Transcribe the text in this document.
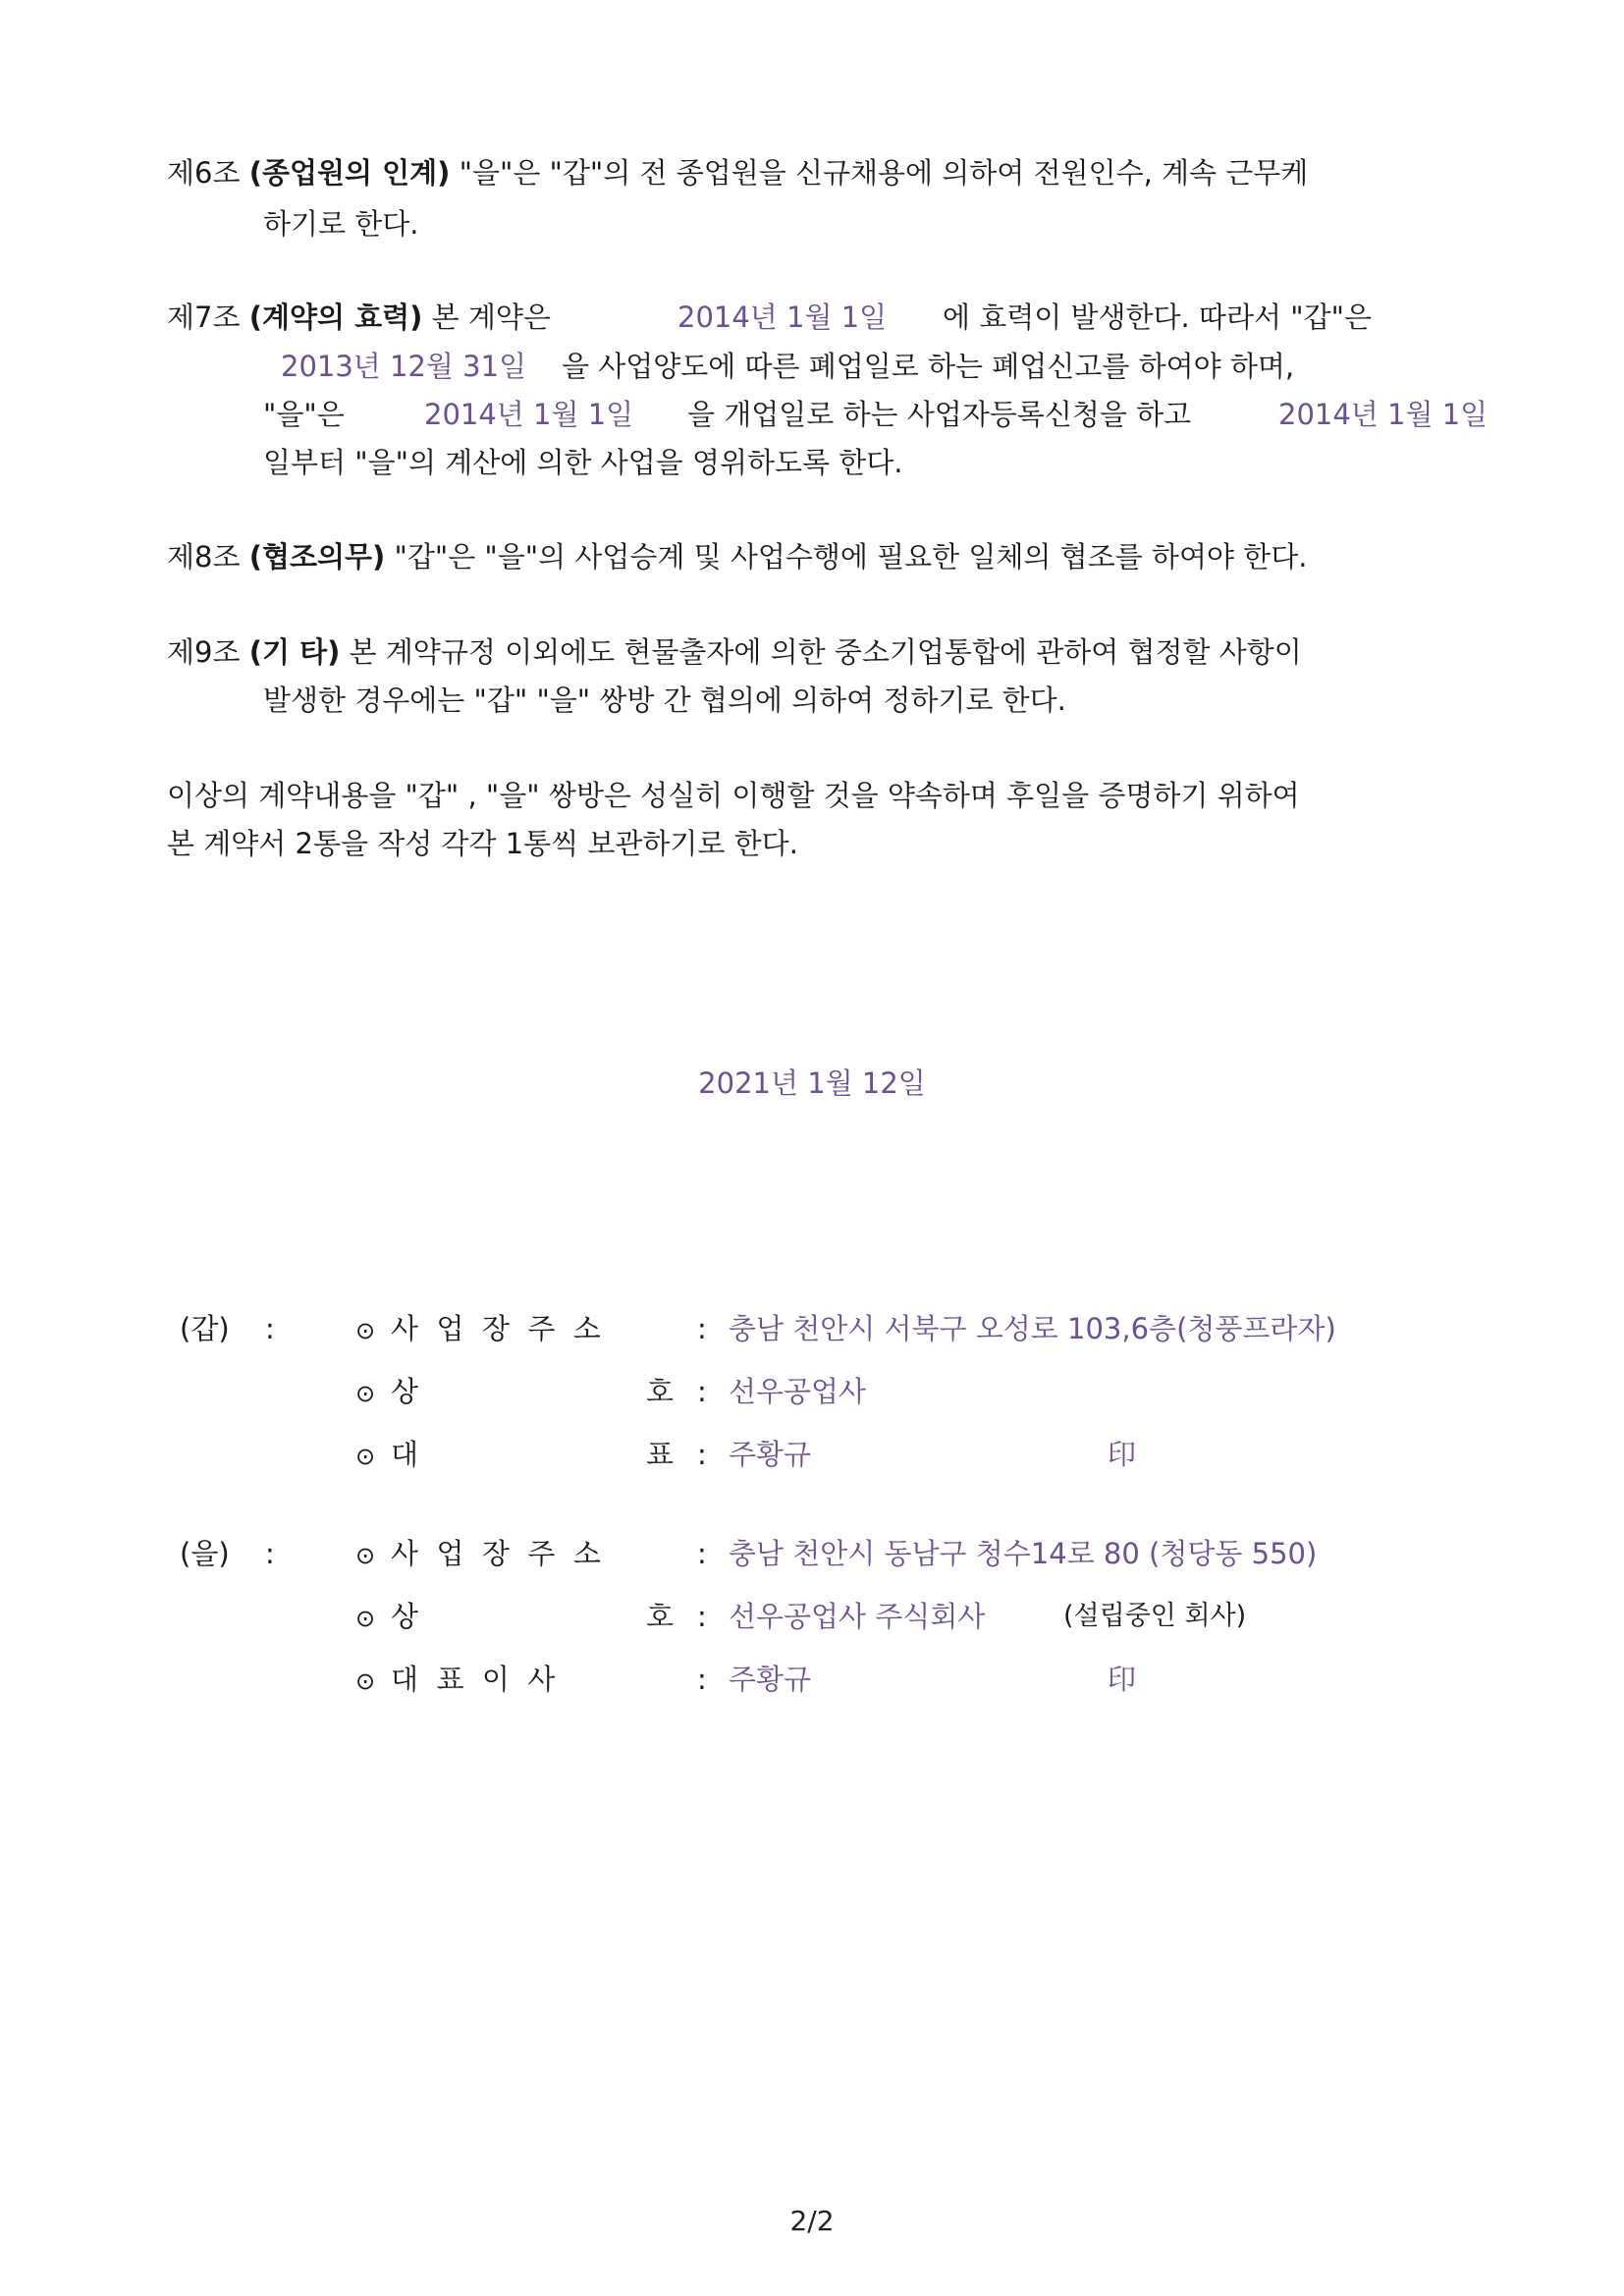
제6조 (종업원의 인계) "을"은 "갑"의 전 종업원을 신규채용에 의하여 전원인수, 계속 근무케
하기로 한다.
제7조 (계약의 효력) 본 계약은	2014년 1월 1일 에 효력이 발생한다. 따라서 "갑"은
2013년 12월 31일 을 사업양도에 따른 폐업일로 하는 폐업신고를 하여야 하며,
"을"은	2014년 1월 1일 을 개업일로 하는 사업자등록신청을 하고	2014년 1월 1일
일부터 "을"의 계산에 의한 사업을 영위하도록 한다.
제8조 (협조의무) "갑"은 "을"의 사업승계 및 사업수행에 필요한 일체의 협조를 하여야 한다.
제9조 (기 타) 본 계약규정 이외에도 현물출자에 의한 중소기업통합에 관하여 협정할 사항이
발생한 경우에는 "갑" "을" 쌍방 간 협의에 의하여 정하기로 한다.
이상의 계약내용을 "갑" , "을" 쌍방은 성실히 이행할 것을 약속하며 후일을 증명하기 위하여
본 계약서 2통을 작성 각각 1통씩 보관하기로 한다.
2021년 1월 12일
(갑) :	⊙ 사  업  장  주  소	: 충남 천안시 서북구 오성로 103,6층(청풍프라자)
⊙ 상	호 : 선우공업사
⊙ 대	표 : 주황규	印
(을) :	⊙ 사  업  장  주  소	: 충남 천안시 동남구 청수14로 80 (청당동 550)
⊙ 상	호 : 선우공업사 주식회사	(설립중인 회사)
⊙ 대  표  이  사	: 주황규	印
2/2
